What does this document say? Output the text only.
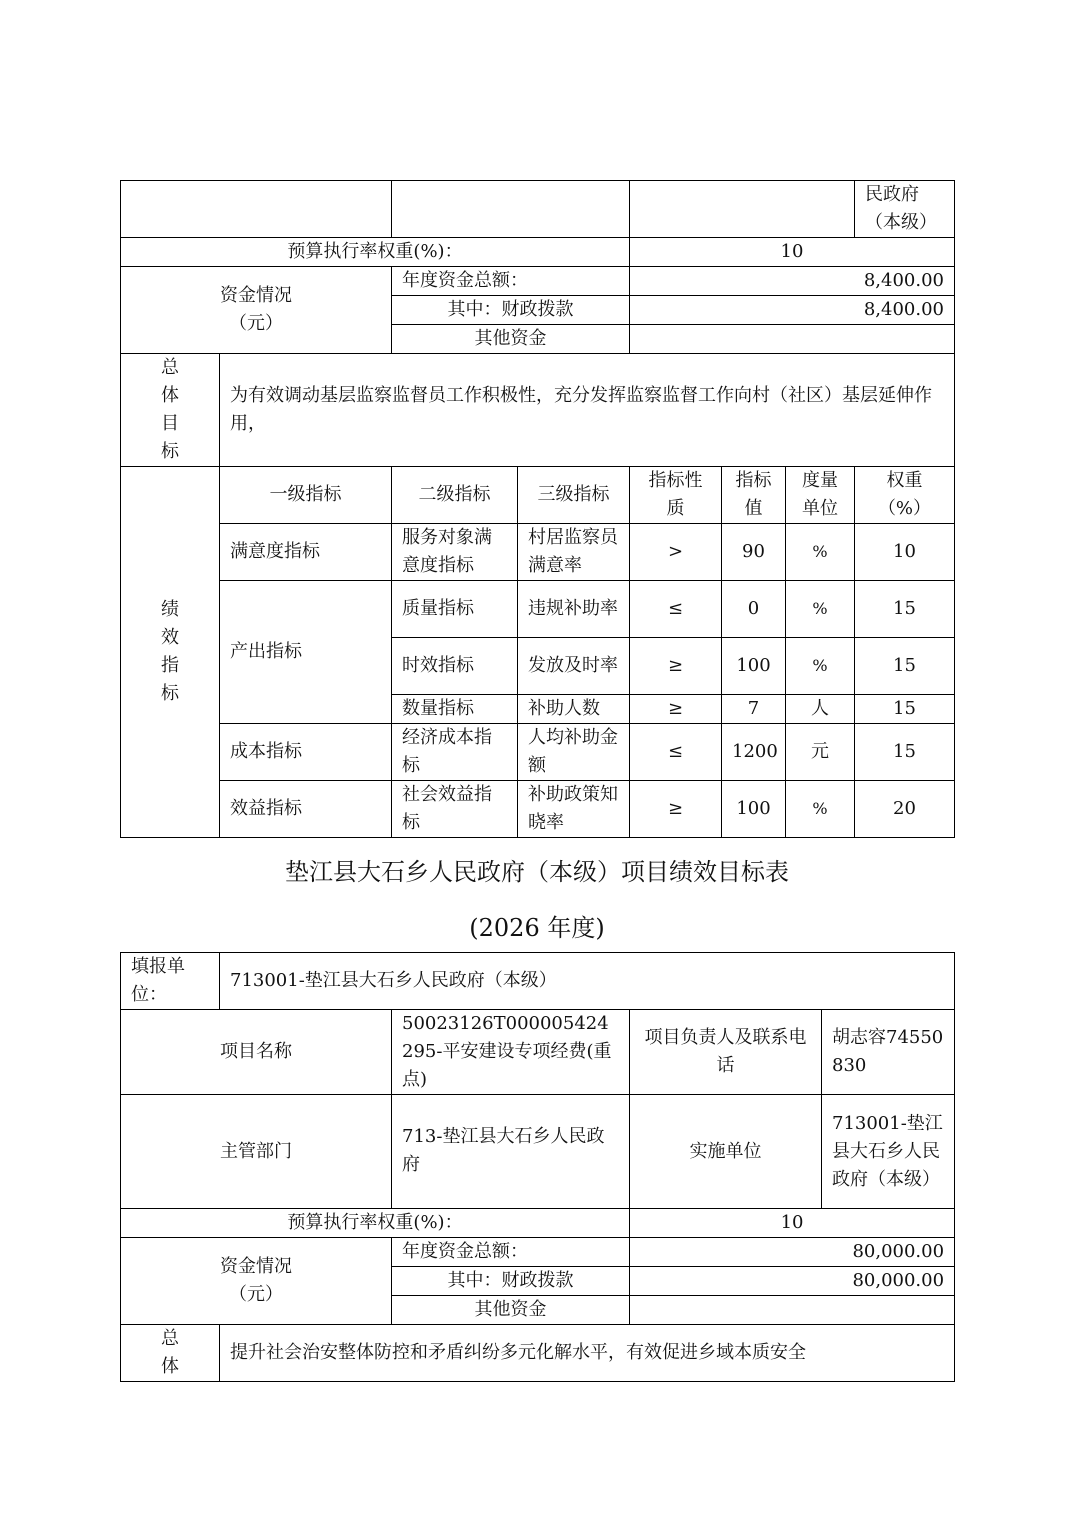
							民政府（本级）
预算执行率权重(%)：				10			
资金情况（元）		年度资金总额：		8,400.00			
		其中：财政拨款		8,400.00			
		其他资金					

总
体
目
标	为有效调动基层监察监督员工作积极性，充分发挥监察监督工作向村（社区）基层延伸作用，						

绩
效
指
标	一级指标	二级指标	三级指标	指标性质	指标值	度量单位	权重（%）
	满意度指标	服务对象满意度指标	村居监察员满意率	>	90	%	10
	产出指标	质量指标	违规补助率	≤	0	%	15
		时效指标	发放及时率	≥	100	%	15
		数量指标	补助人数	≥	7	人	15
	成本指标	经济成本指标	人均补助金额	≤	1200	元	15
	效益指标	社会效益指标	补助政策知晓率	≥	100	%	20
垫江县大石乡人民政府（本级）项目绩效目标表
(2026 年度)
填报单位：	713001-垫江县大石乡人民政府（本级）			
项目名称		50023126T000005424295-平安建设专项经费(重点)	项目负责人及联系电话	胡志容74550830
主管部门		713-垫江县大石乡人民政府	实施单位	713001-垫江县大石乡人民政府（本级）
预算执行率权重(%)：			10	
资金情况（元）		年度资金总额：	80,000.00	
		其中：财政拨款	80,000.00	
		其他资金		

总
体	提升社会治安整体防控和矛盾纠纷多元化解水平，有效促进乡域本质安全			
